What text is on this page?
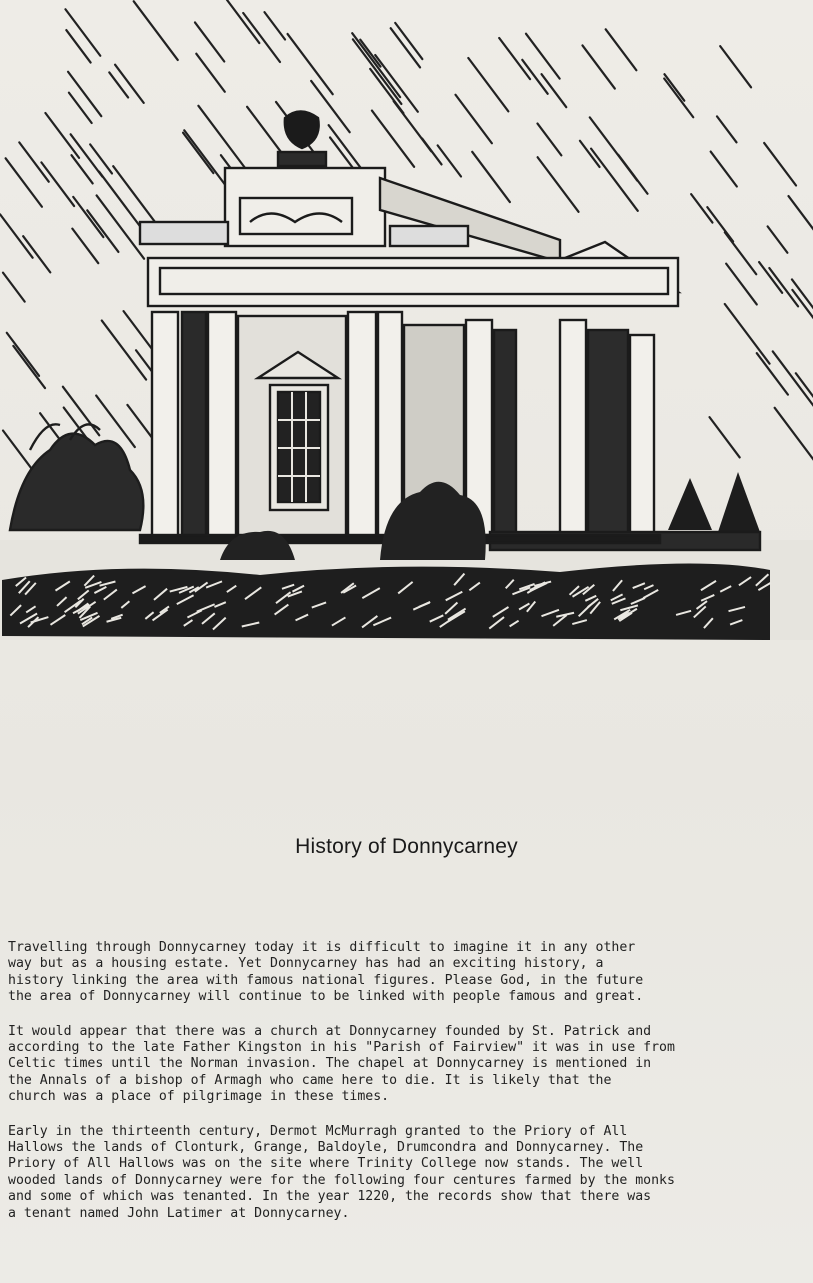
History of Donnycarney

Travelling through Donnycarney today it is difficult to imagine it in any other
way but as a housing estate. Yet Donnycarney has had an exciting history, a
history linking the area with famous national figures. Please God, in the future
the area of Donnycarney will continue to be linked with people famous and great.

It would appear that there was a church at Donnycarney founded by St. Patrick and
according to the late Father Kingston in his "Parish of Fairview" it was in use from
Celtic times until the Norman invasion. The chapel at Donnycarney is mentioned in
the Annals of a bishop of Armagh who came here to die. It is likely that the
church was a place of pilgrimage in these times.

Early in the thirteenth century, Dermot McMurragh granted to the Priory of All
Hallows the lands of Clonturk, Grange, Baldoyle, Drumcondra and Donnycarney. The
Priory of All Hallows was on the site where Trinity College now stands. The well
wooded lands of Donnycarney were for the following four centures farmed by the monks
and some of which was tenanted. In the year 1220, the records show that there was
a tenant named John Latimer at Donnycarney.
